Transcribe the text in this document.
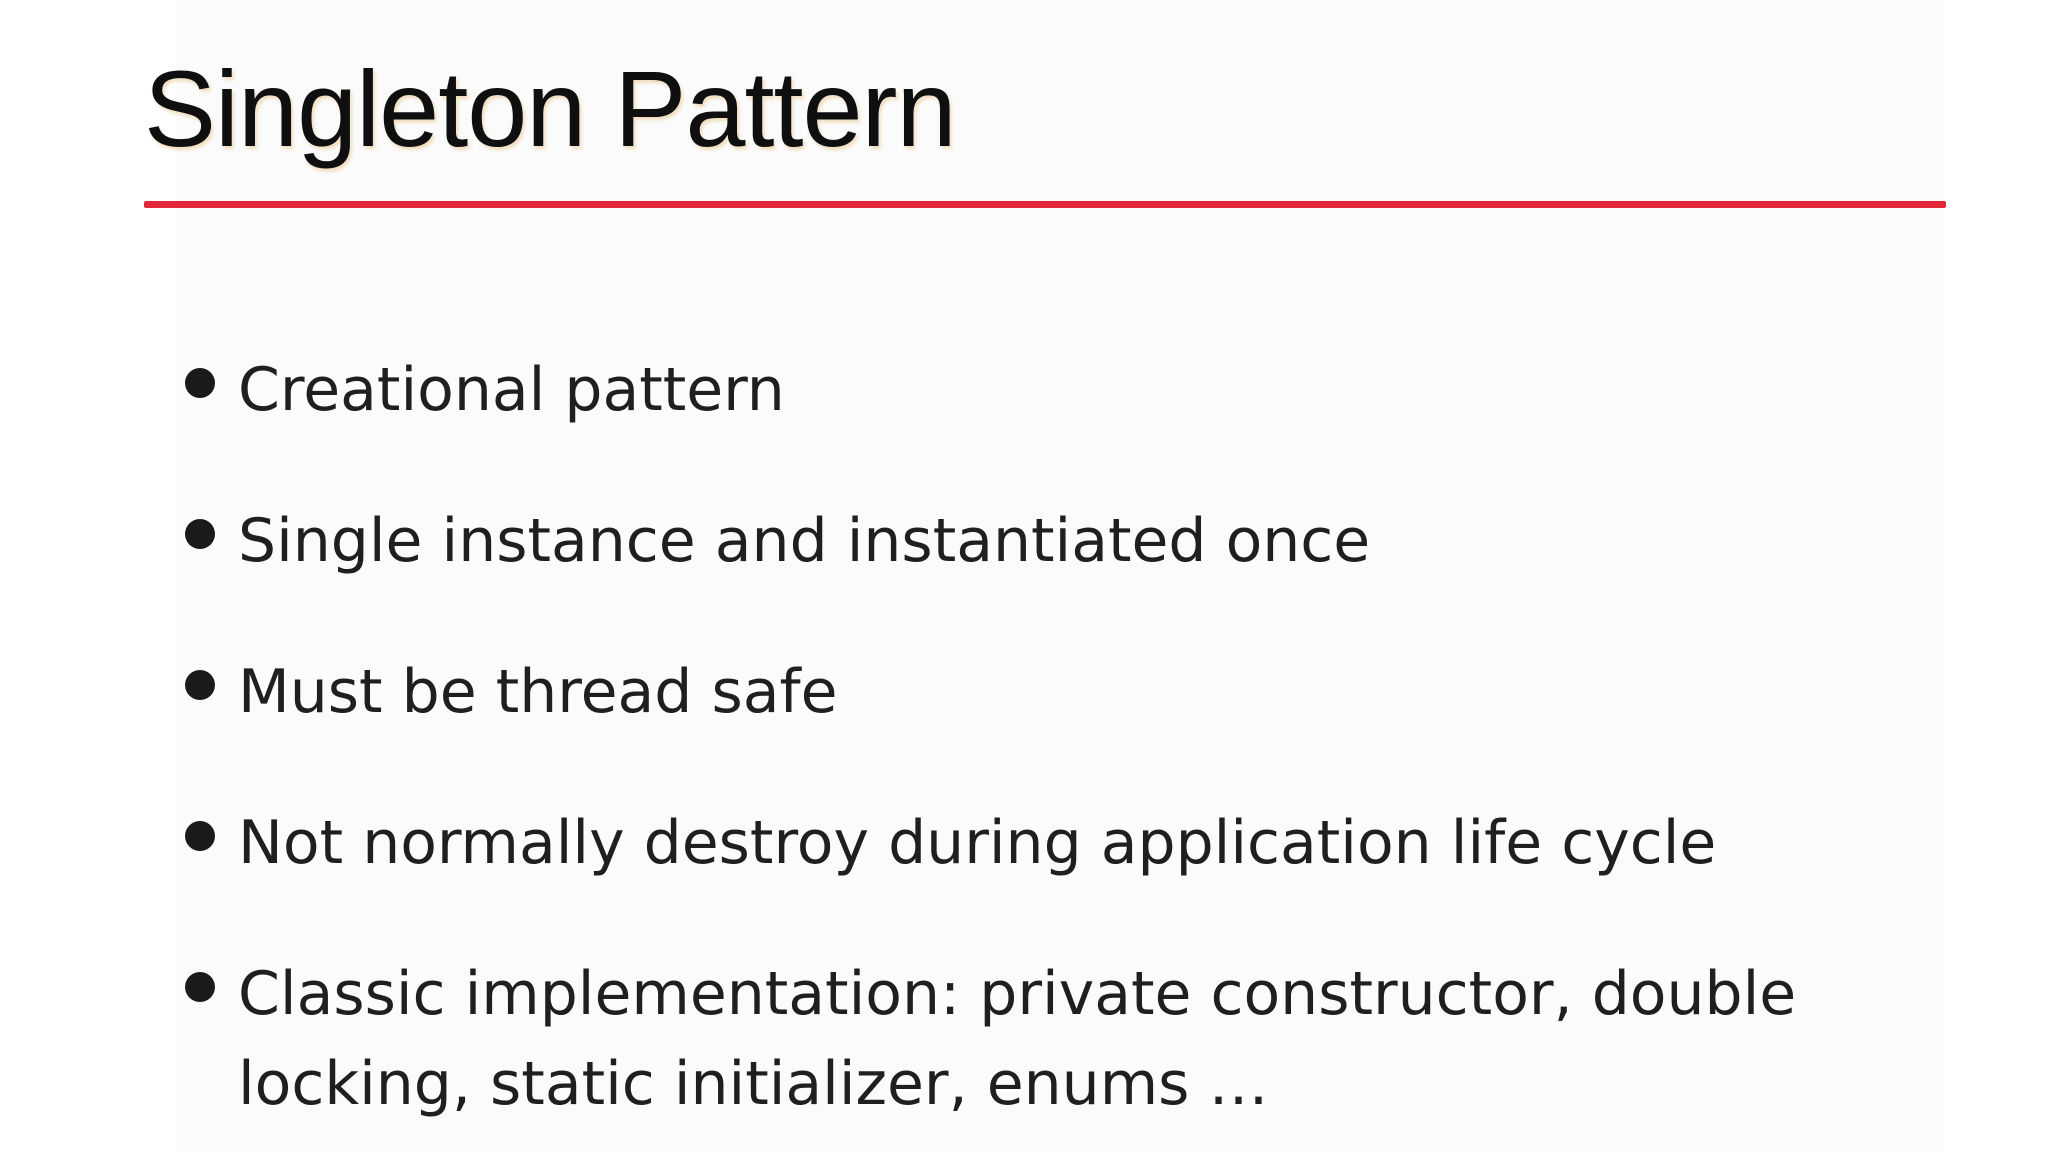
Singleton Pattern
Creational pattern
Single instance and instantiated once
Must be thread safe
Not normally destroy during application life cycle
Classic implementation: private constructor, double
locking, static initializer, enums …
